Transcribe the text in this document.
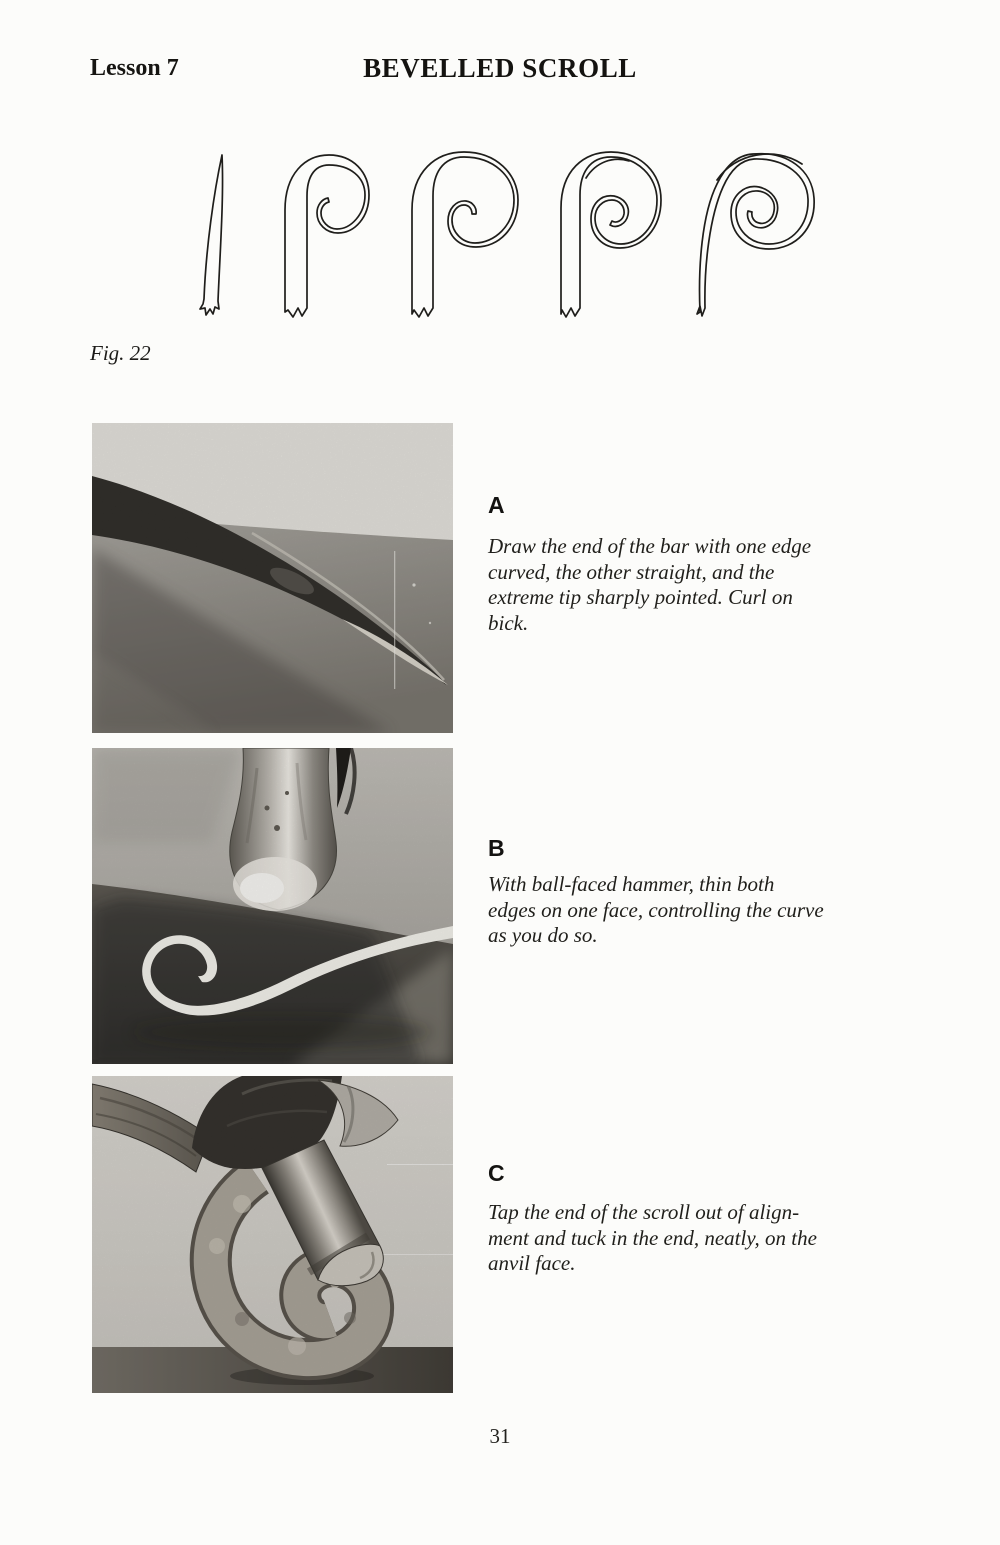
BEVELLED SCROLL
Lesson 7
Fig. 22
A
Draw the end of the bar with one edge
curved, the other straight, and the
extreme tip sharply pointed. Curl on
bick.
B
With ball-faced hammer, thin both
edges on one face, controlling the curve
as you do so.
C
Tap the end of the scroll out of align-
ment and tuck in the end, neatly, on the
anvil face.
31
